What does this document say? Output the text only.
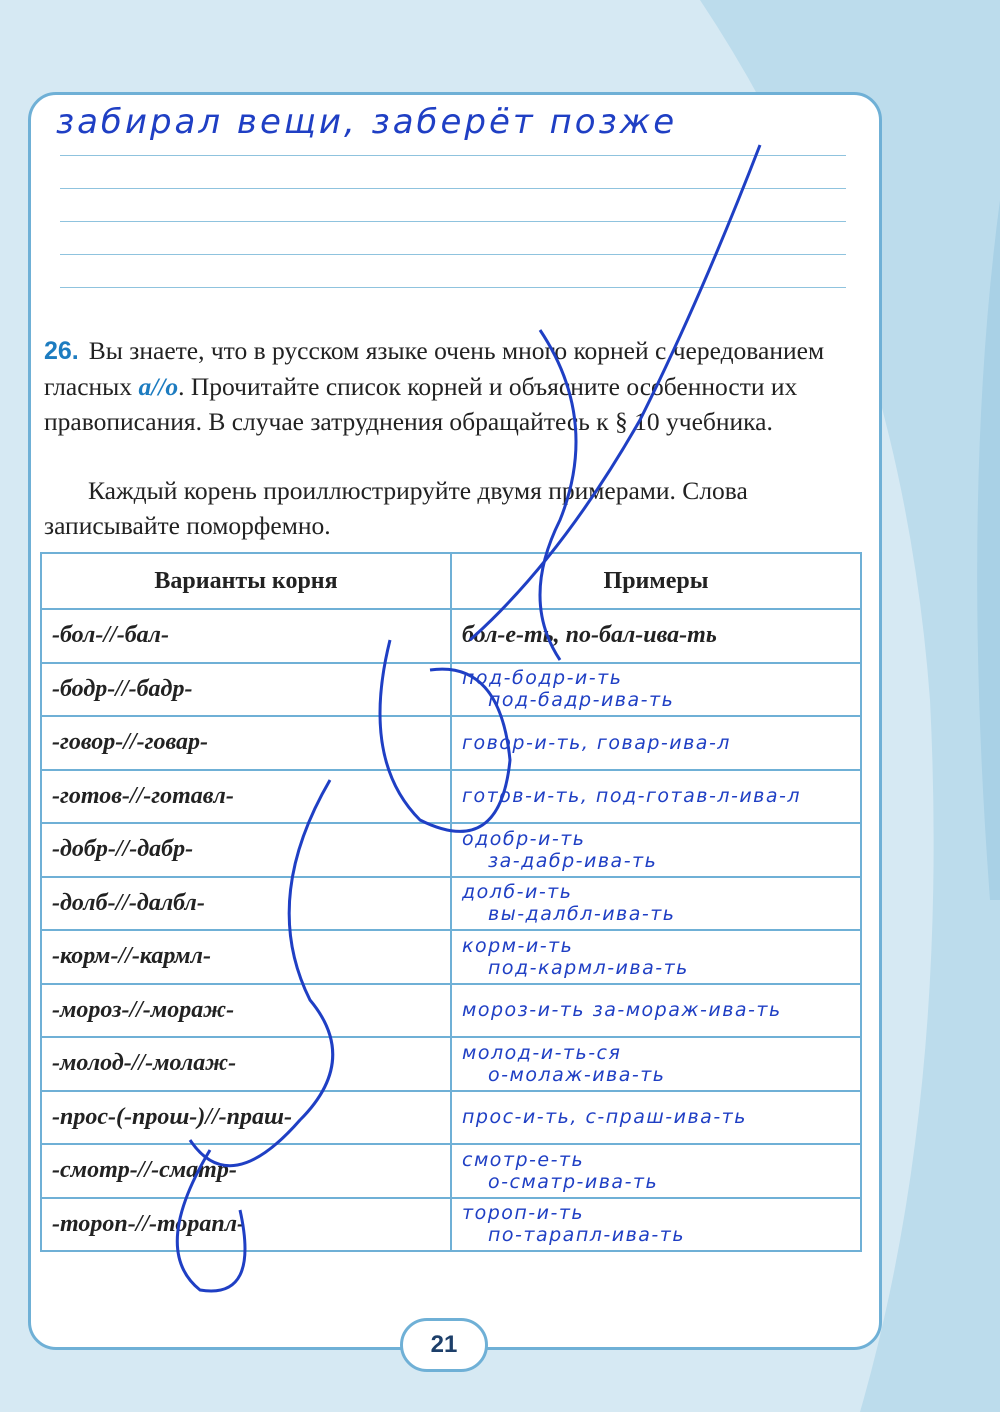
забирал вещи, заберёт позже
26. Вы знаете, что в русском языке очень много корней с чередованием гласных а//о. Прочитайте список корней и объясните особенности их правописания. В случае затруднения обращайтесь к § 10 учебника.
Каждый корень проиллюстрируйте двумя примерами. Слова записывайте поморфемно.
Варианты корня	Примеры
-бол-//-бал-	бол-е-ть, по-бал-ива-ть
-бодр-//-бадр-	под-бодр-и-ть
под-бадр-ива-ть

-говор-//-говар-	говор-и-ть, говар-ива-л

-готов-//-готавл-	готов-и-ть, под-готав-л-ива-л

-добр-//-дабр-	одобр-и-ть
за-дабр-ива-ть

-долб-//-далбл-	долб-и-ть
вы-далбл-ива-ть

-корм-//-кармл-	корм-и-ть
под-кармл-ива-ть

-мороз-//-мораж-	мороз-и-ть за-мораж-ива-ть

-молод-//-молаж-	молод-и-ть-ся
о-молаж-ива-ть

-прос-(-прош-)//-праш-	прос-и-ть, с-праш-ива-ть

-смотр-//-сматр-	смотр-е-ть
о-сматр-ива-ть

-тороп-//-торапл-	тороп-и-ть
по-тарапл-ива-ть
21
